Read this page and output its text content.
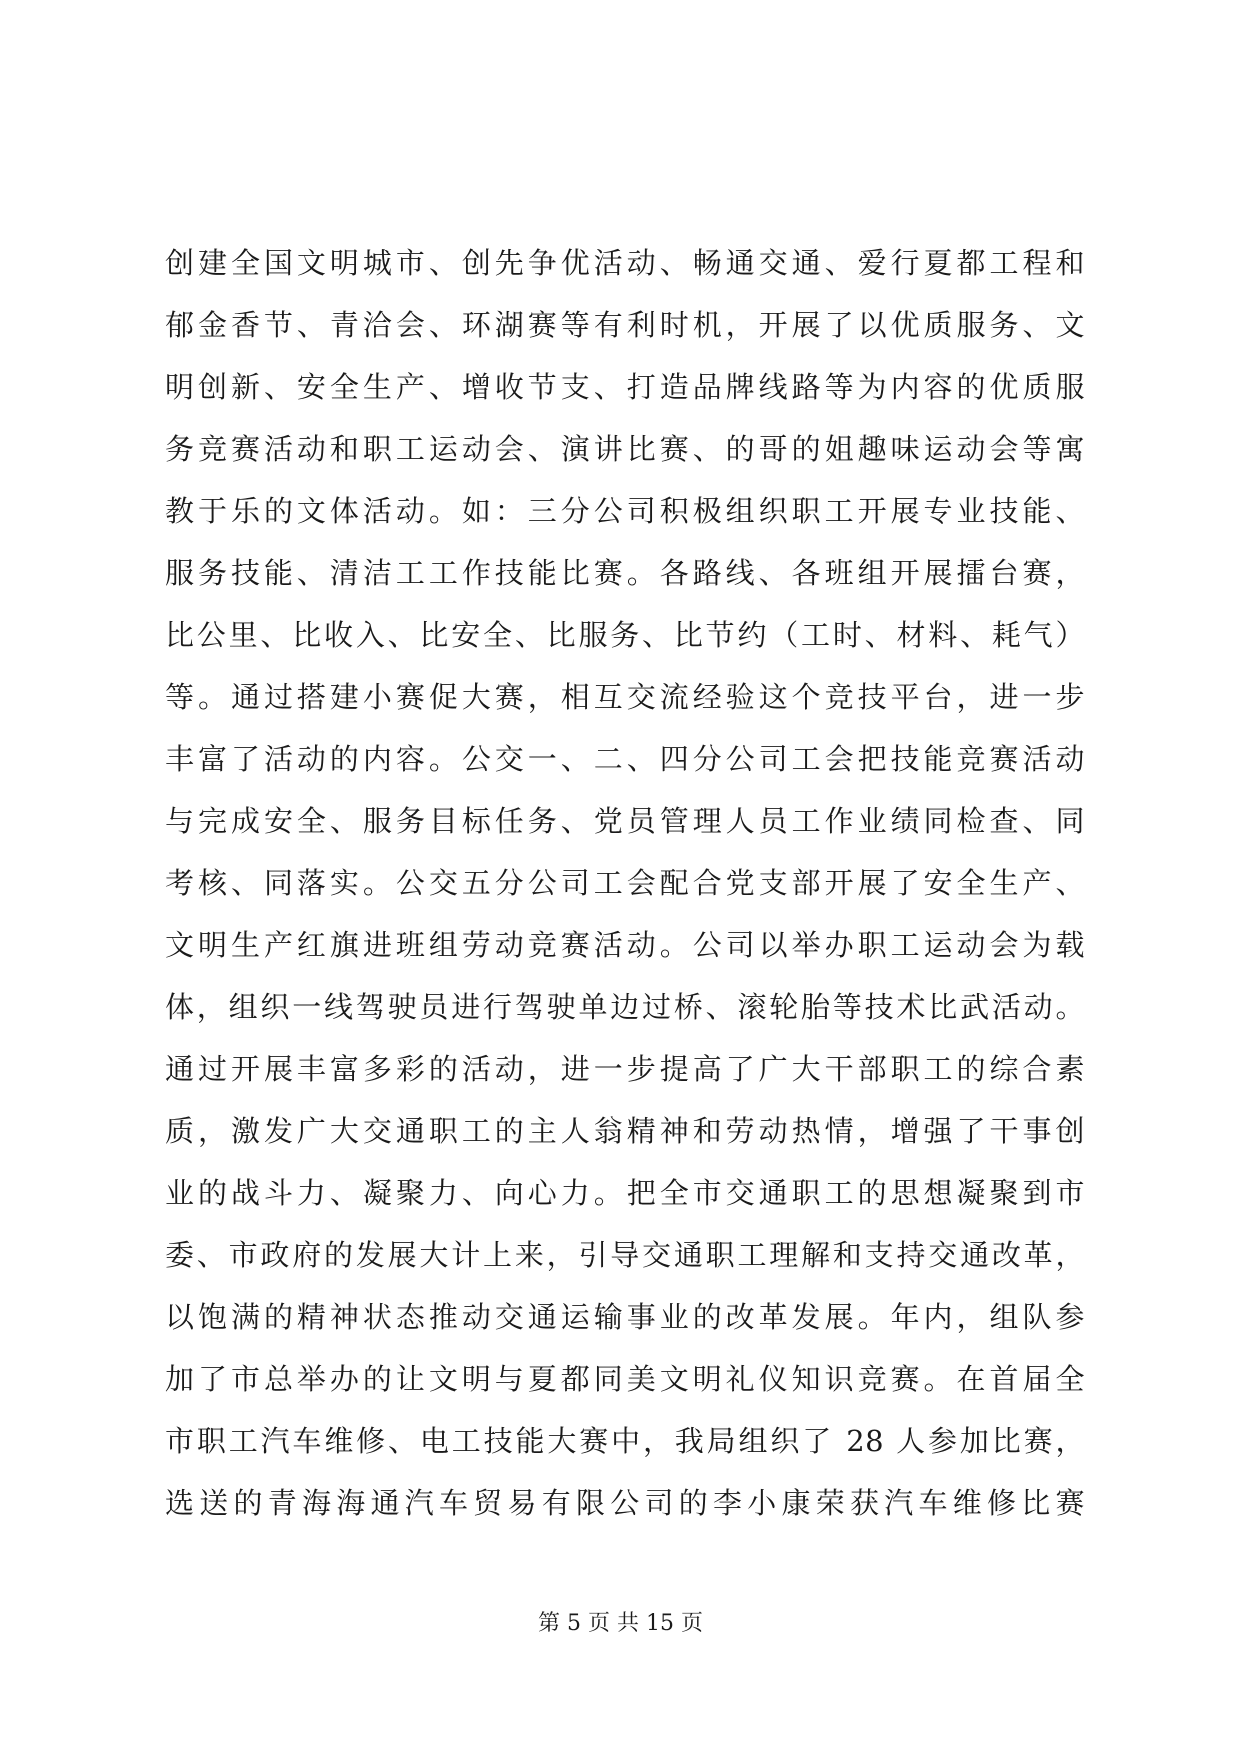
创建全国文明城市、创先争优活动、畅通交通、爱行夏都工程和
郁金香节、青洽会、环湖赛等有利时机，开展了以优质服务、文
明创新、安全生产、增收节支、打造品牌线路等为内容的优质服
务竞赛活动和职工运动会、演讲比赛、的哥的姐趣味运动会等寓
教于乐的文体活动。如：三分公司积极组织职工开展专业技能、
服务技能、清洁工工作技能比赛。各路线、各班组开展擂台赛，
比公里、比收入、比安全、比服务、比节约（工时、材料、耗气）
等。通过搭建小赛促大赛，相互交流经验这个竞技平台，进一步
丰富了活动的内容。公交一、二、四分公司工会把技能竞赛活动
与完成安全、服务目标任务、党员管理人员工作业绩同检查、同
考核、同落实。公交五分公司工会配合党支部开展了安全生产、
文明生产红旗进班组劳动竞赛活动。公司以举办职工运动会为载
体，组织一线驾驶员进行驾驶单边过桥、滚轮胎等技术比武活动。
通过开展丰富多彩的活动，进一步提高了广大干部职工的综合素
质，激发广大交通职工的主人翁精神和劳动热情，增强了干事创
业的战斗力、凝聚力、向心力。把全市交通职工的思想凝聚到市
委、市政府的发展大计上来，引导交通职工理解和支持交通改革，
以饱满的精神状态推动交通运输事业的改革发展。年内，组队参
加了市总举办的让文明与夏都同美文明礼仪知识竞赛。在首届全
市职工汽车维修、电工技能大赛中，我局组织了 28 人参加比赛，
选送的青海海通汽车贸易有限公司的李小康荣获汽车维修比赛
第 5 页 共 15 页
